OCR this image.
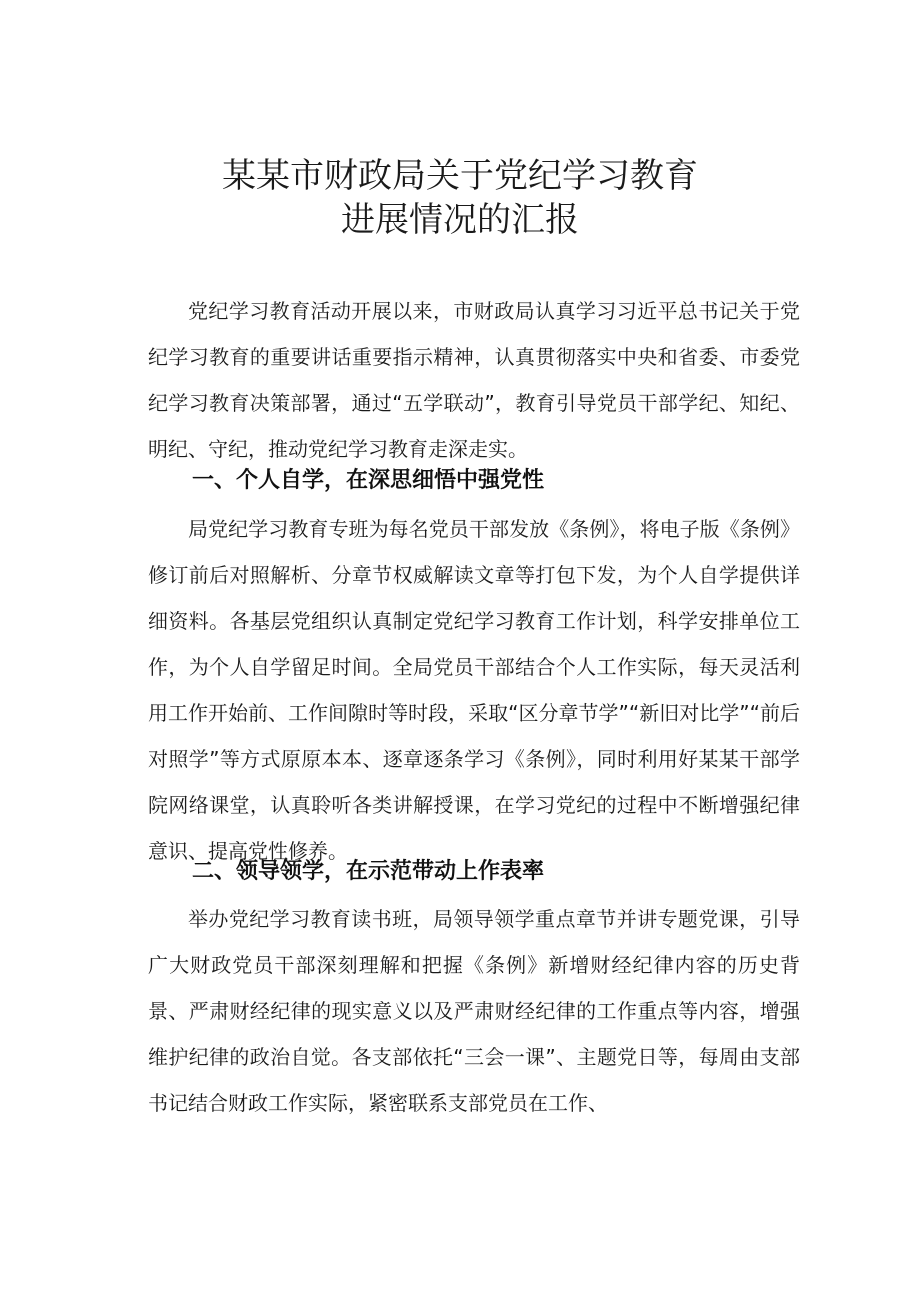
某某市财政局关于党纪学习教育
进展情况的汇报

党纪学习教育活动开展以来，市财政局认真学习习近平总书记关于党纪学习教育的重要讲话重要指示精神，认真贯彻落实中央和省委、市委党纪学习教育决策部署，通过“五学联动”，教育引导党员干部学纪、知纪、明纪、守纪，推动党纪学习教育走深走实。

一、个人自学，在深思细悟中强党性

局党纪学习教育专班为每名党员干部发放《条例》，将电子版《条例》修订前后对照解析、分章节权威解读文章等打包下发，为个人自学提供详细资料。各基层党组织认真制定党纪学习教育工作计划，科学安排单位工作，为个人自学留足时间。全局党员干部结合个人工作实际，每天灵活利用工作开始前、工作间隙时等时段，采取“区分章节学”“新旧对比学”“前后对照学”等方式原原本本、逐章逐条学习《条例》，同时利用好某某干部学院网络课堂，认真聆听各类讲解授课，在学习党纪的过程中不断增强纪律意识、提高党性修养。

二、领导领学，在示范带动上作表率

举办党纪学习教育读书班，局领导领学重点章节并讲专题党课，引导广大财政党员干部深刻理解和把握《条例》新增财经纪律内容的历史背景、严肃财经纪律的现实意义以及严肃财经纪律的工作重点等内容，增强维护纪律的政治自觉。各支部依托“三会一课”、主题党日等，每周由支部书记结合财政工作实际，紧密联系支部党员在工作、
